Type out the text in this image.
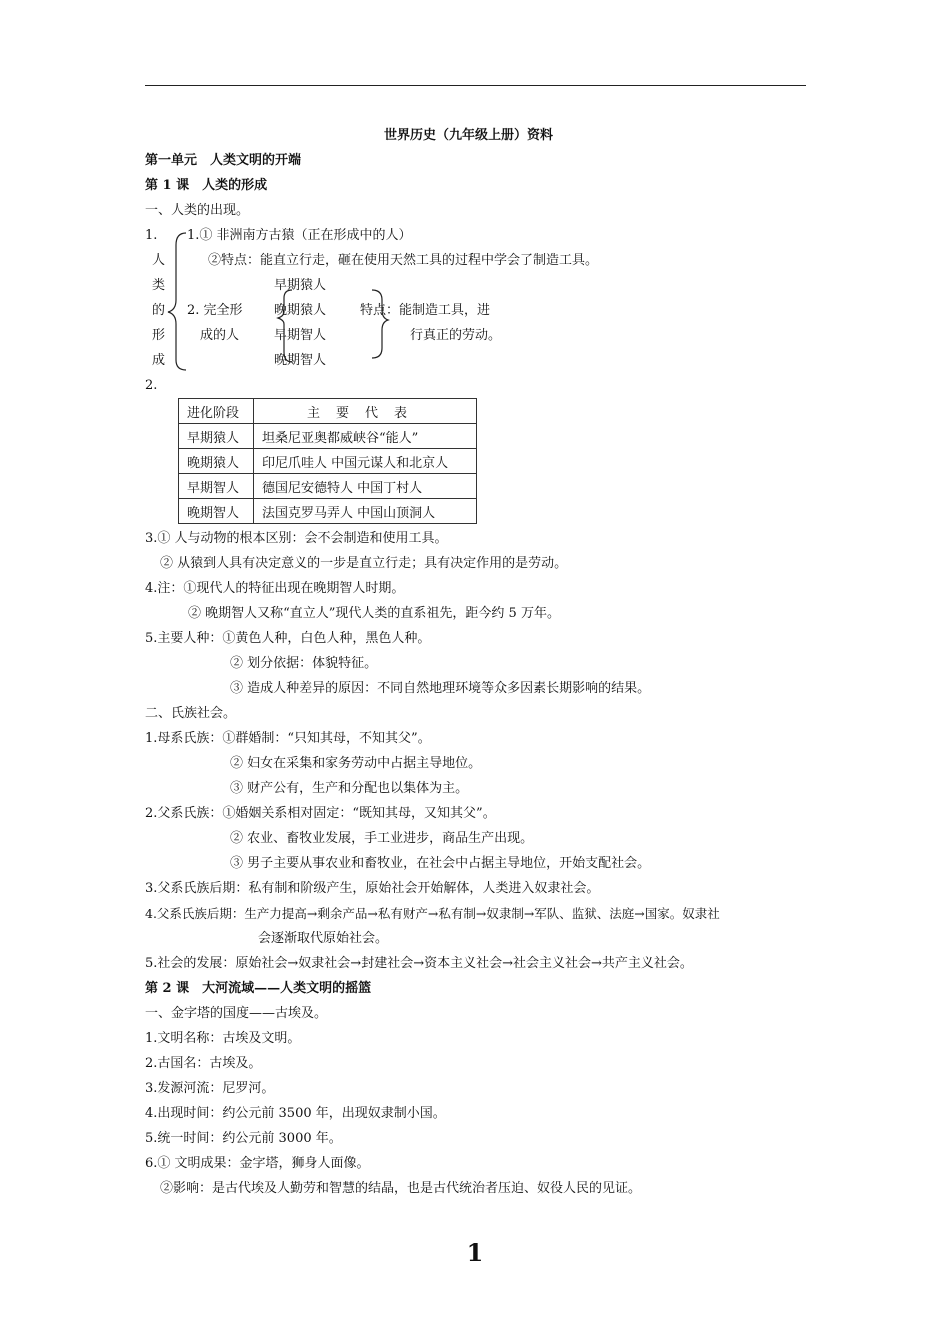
世界历史（九年级上册）资料
第一单元　人类文明的开端
第 1 课　人类的形成
一、人类的出现。
1.
人
类
的
形
成
1.① 非洲南方古猿（正在形成中的人）
②特点：能直立行走，砸在使用天然工具的过程中学会了制造工具。
2. 完全形
成的人
早期猿人
晚期猿人
早期智人
晚期智人
特点：能制造工具，进
行真正的劳动。
2.
进化阶段	主要代表
早期猿人	坦桑尼亚奥都威峡谷“能人”
晚期猿人	印尼爪哇人 中国元谋人和北京人
早期智人	德国尼安德特人 中国丁村人
晚期智人	法国克罗马弄人 中国山顶洞人
3.① 人与动物的根本区别：会不会制造和使用工具。
② 从猿到人具有决定意义的一步是直立行走；具有决定作用的是劳动。
4.注：①现代人的特征出现在晚期智人时期。
② 晚期智人又称“直立人”现代人类的直系祖先，距今约 5 万年。
5.主要人种：①黄色人种，白色人种，黑色人种。
② 划分依据：体貌特征。
③ 造成人种差异的原因：不同自然地理环境等众多因素长期影响的结果。
二、氏族社会。
1.母系氏族：①群婚制：“只知其母，不知其父”。
② 妇女在采集和家务劳动中占据主导地位。
③ 财产公有，生产和分配也以集体为主。
2.父系氏族：①婚姻关系相对固定：“既知其母，又知其父”。
② 农业、畜牧业发展，手工业进步，商品生产出现。
③ 男子主要从事农业和畜牧业，在社会中占据主导地位，开始支配社会。
3.父系氏族后期：私有制和阶级产生，原始社会开始解体，人类进入奴隶社会。
4.父系氏族后期：生产力提高→剩余产品→私有财产→私有制→奴隶制→军队、监狱、法庭→国家。奴隶社
会逐渐取代原始社会。
5.社会的发展：原始社会→奴隶社会→封建社会→资本主义社会→社会主义社会→共产主义社会。
第 2 课　大河流域——人类文明的摇篮
一、金字塔的国度——古埃及。
1.文明名称：古埃及文明。
2.古国名：古埃及。
3.发源河流：尼罗河。
4.出现时间：约公元前 3500 年，出现奴隶制小国。
5.统一时间：约公元前 3000 年。
6.① 文明成果：金字塔，狮身人面像。
②影响：是古代埃及人勤劳和智慧的结晶，也是古代统治者压迫、奴役人民的见证。
1
